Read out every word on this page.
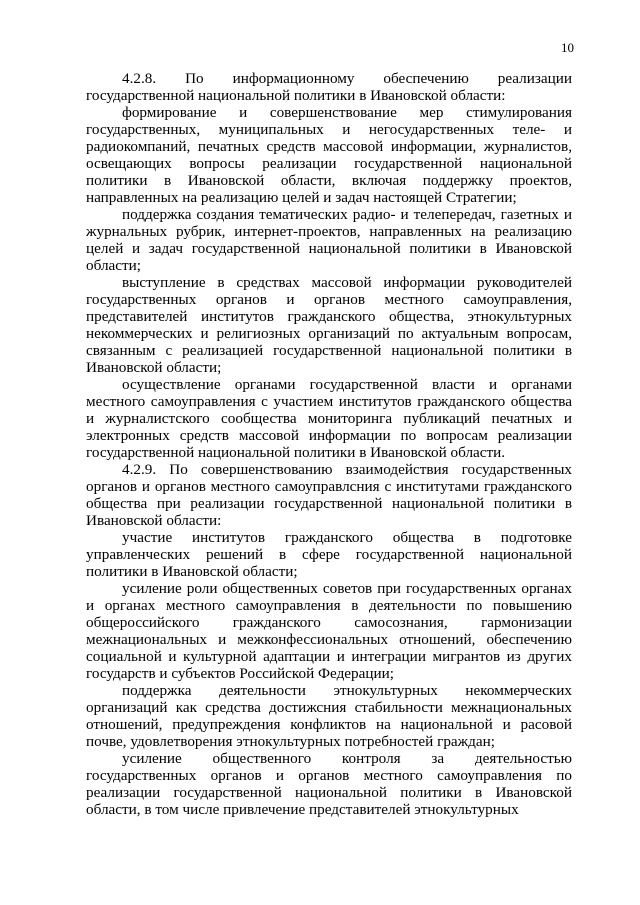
10

4.2.8. По информационному обеспечению реализации государственной национальной политики в Ивановской области:

формирование и совершенствование мер стимулирования государственных, муниципальных и негосударственных теле- и радиокомпаний, печатных средств массовой информации, журналистов, освещающих вопросы реализации государственной национальной политики в Ивановской области, включая поддержку проектов, направленных на реализацию целей и задач настоящей Стратегии;

поддержка создания тематических радио- и телепередач, газетных и журнальных рубрик, интернет-проектов, направленных на реализацию целей и задач государственной национальной политики в Ивановской области;

выступление в средствах массовой информации руководителей государственных органов и органов местного самоуправления, представителей институтов гражданского общества, этнокультурных некоммерческих и религиозных организаций по актуальным вопросам, связанным с реализацией государственной национальной политики в Ивановской области;

осуществление органами государственной власти и органами местного самоуправления с участием институтов гражданского общества и журналистского сообщества мониторинга публикаций печатных и электронных средств массовой информации по вопросам реализации государственной национальной политики в Ивановской области.

4.2.9. По совершенствованию взаимодействия государственных органов и органов местного самоуправлсния с институтами гражданского общества при реализации государственной национальной политики в Ивановской области:

участие институтов гражданского общества в подготовке управленческих решений в сфере государственной национальной политики в Ивановской области;

усиление роли общественных советов при государственных органах и органах местного самоуправления в деятельности по повышению общероссийского гражданского самосознания, гармонизации межнациональных и межконфессиональных отношений, обеспечению социальной и культурной адаптации и интеграции мигрантов из других государств и субъектов Российской Федерации;

поддержка деятельности этнокультурных некоммерческих организаций как средства достижсния стабильности межнациональных отношений, предупреждения конфликтов на национальной и расовой почве, удовлетворения этнокультурных потребностей граждан;

усиление общественного контроля за деятельностью государственных органов и органов местного самоуправления по реализации государственной национальной политики в Ивановской области, в том числе привлечение представителей этнокультурных
